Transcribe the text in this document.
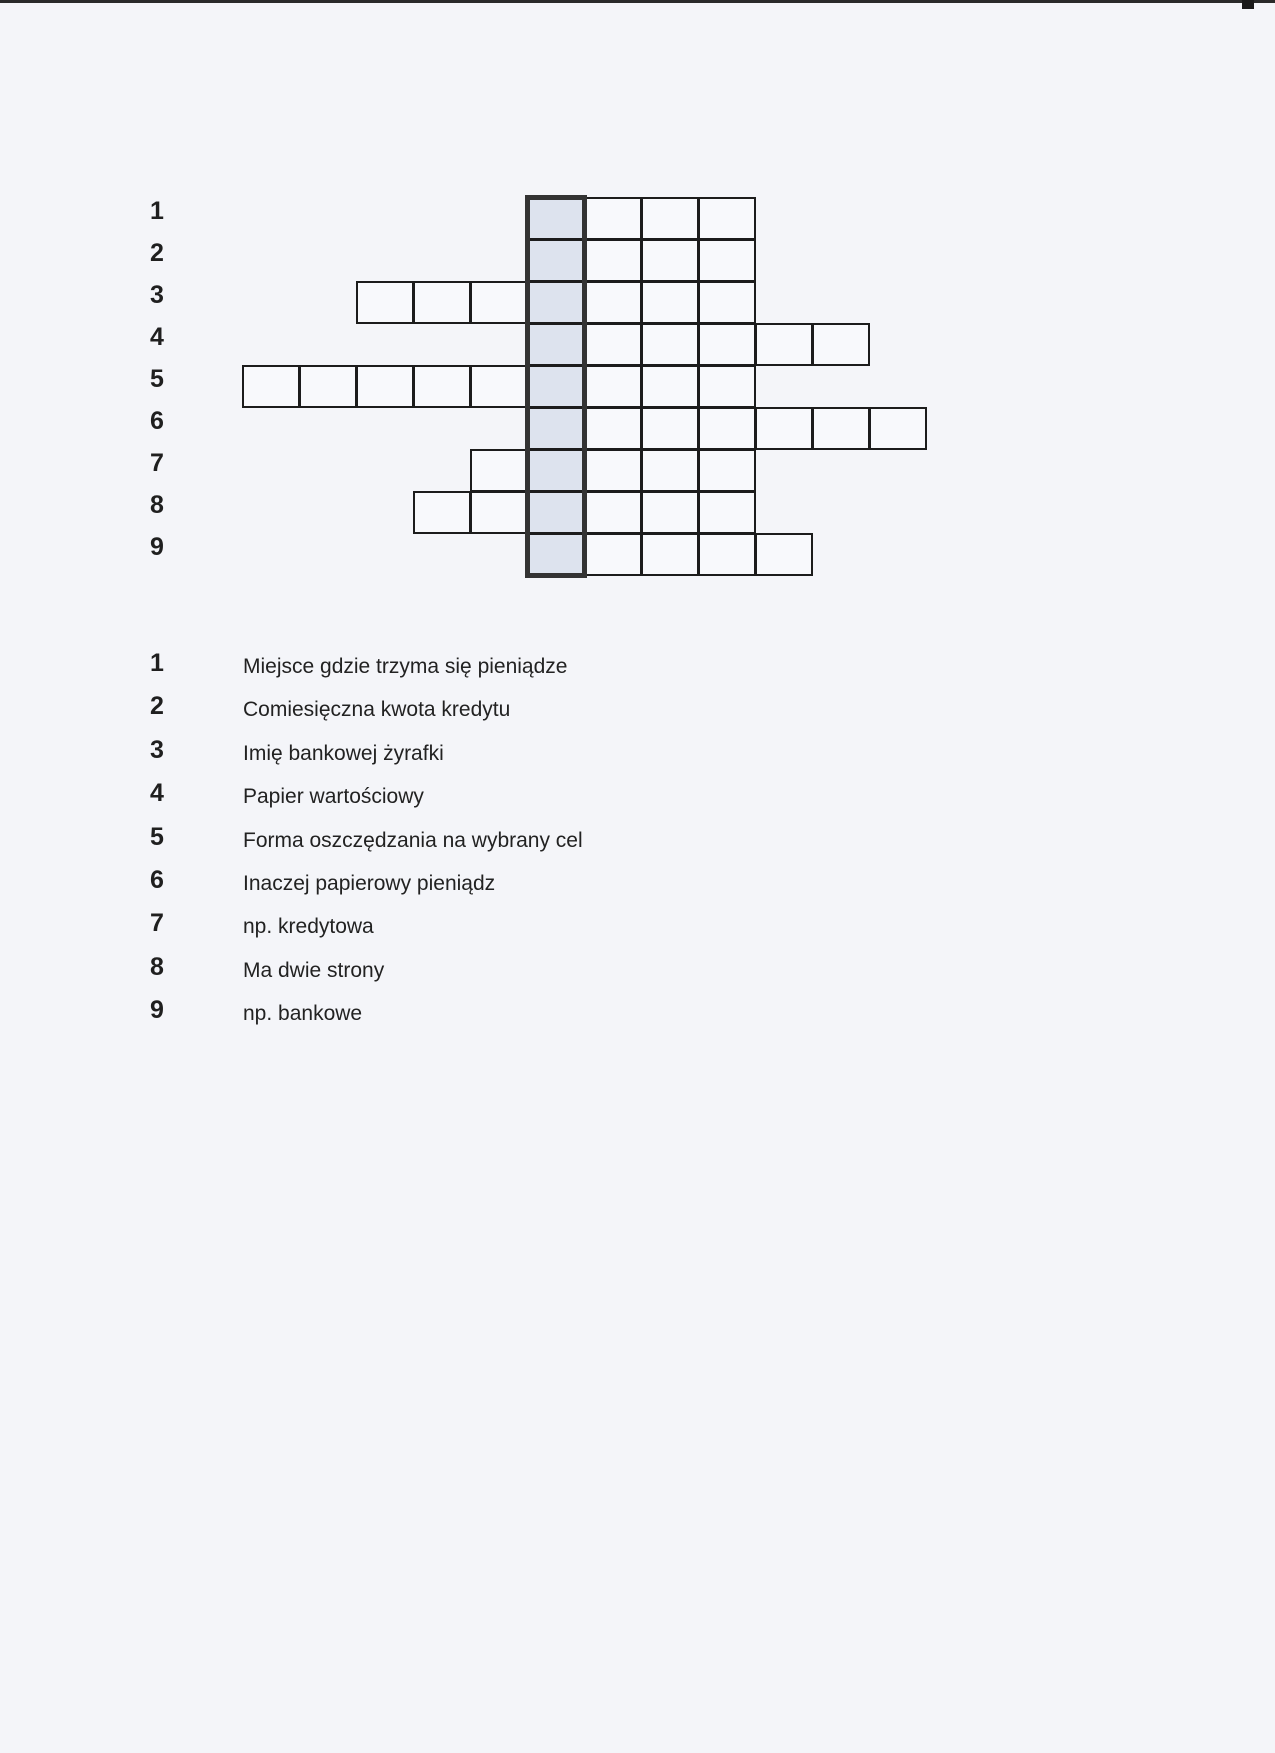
1
2
3
4
5
6
7
8
9
1	Miejsce gdzie trzyma się pieniądze
2	Comiesięczna kwota kredytu
3	Imię bankowej żyrafki
4	Papier wartościowy
5	Forma oszczędzania na wybrany cel
6	Inaczej papierowy pieniądz
7	np. kredytowa
8	Ma dwie strony
9	np. bankowe
